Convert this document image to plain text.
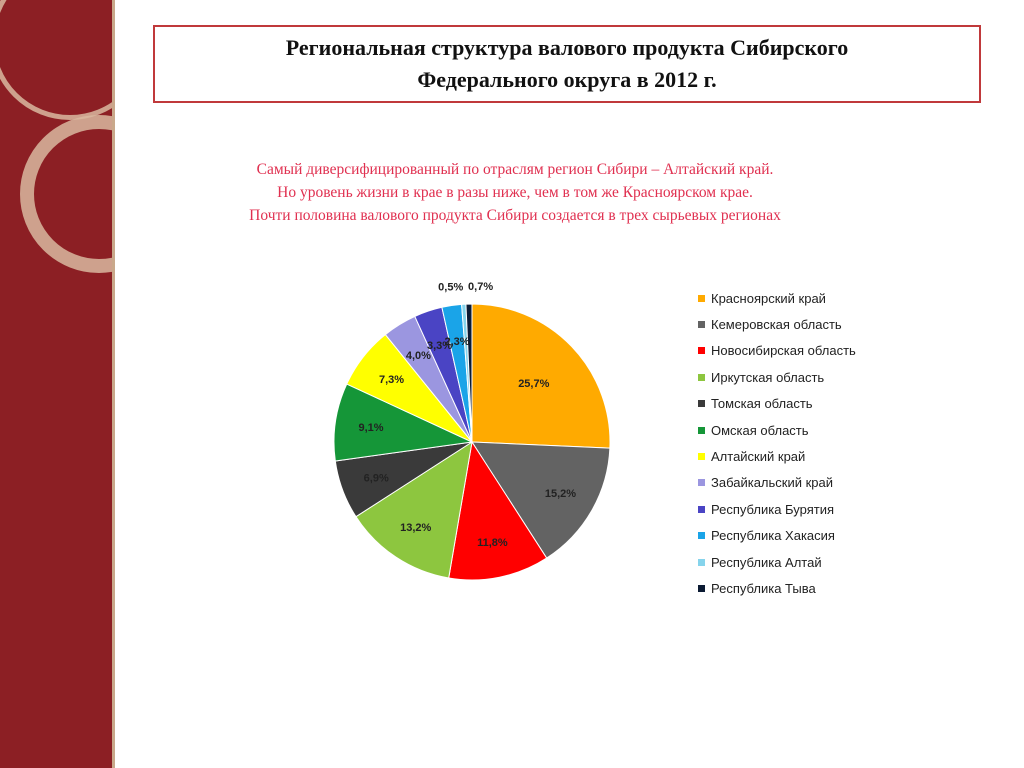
Региональная структура валового продукта Сибирского
Федерального округа в 2012 г.
Самый диверсифицированный по отраслям регион Сибири – Алтайский край.
Но уровень жизни в крае в разы ниже, чем в том же Красноярском крае.
Почти половина валового продукта Сибири создается в трех сырьевых регионах
25,7%
15,2%
11,8%
13,2%
6,9%
9,1%
7,3%
4,0%
3,3%
2,3%
0,5% 0,7%
Красноярский край
Кемеровская область
Новосибирская область
Иркутская область
Томская область
Омская область
Алтайский край
Забайкальский край
Республика Бурятия
Республика Хакасия
Республика Алтай
Республика Тыва
